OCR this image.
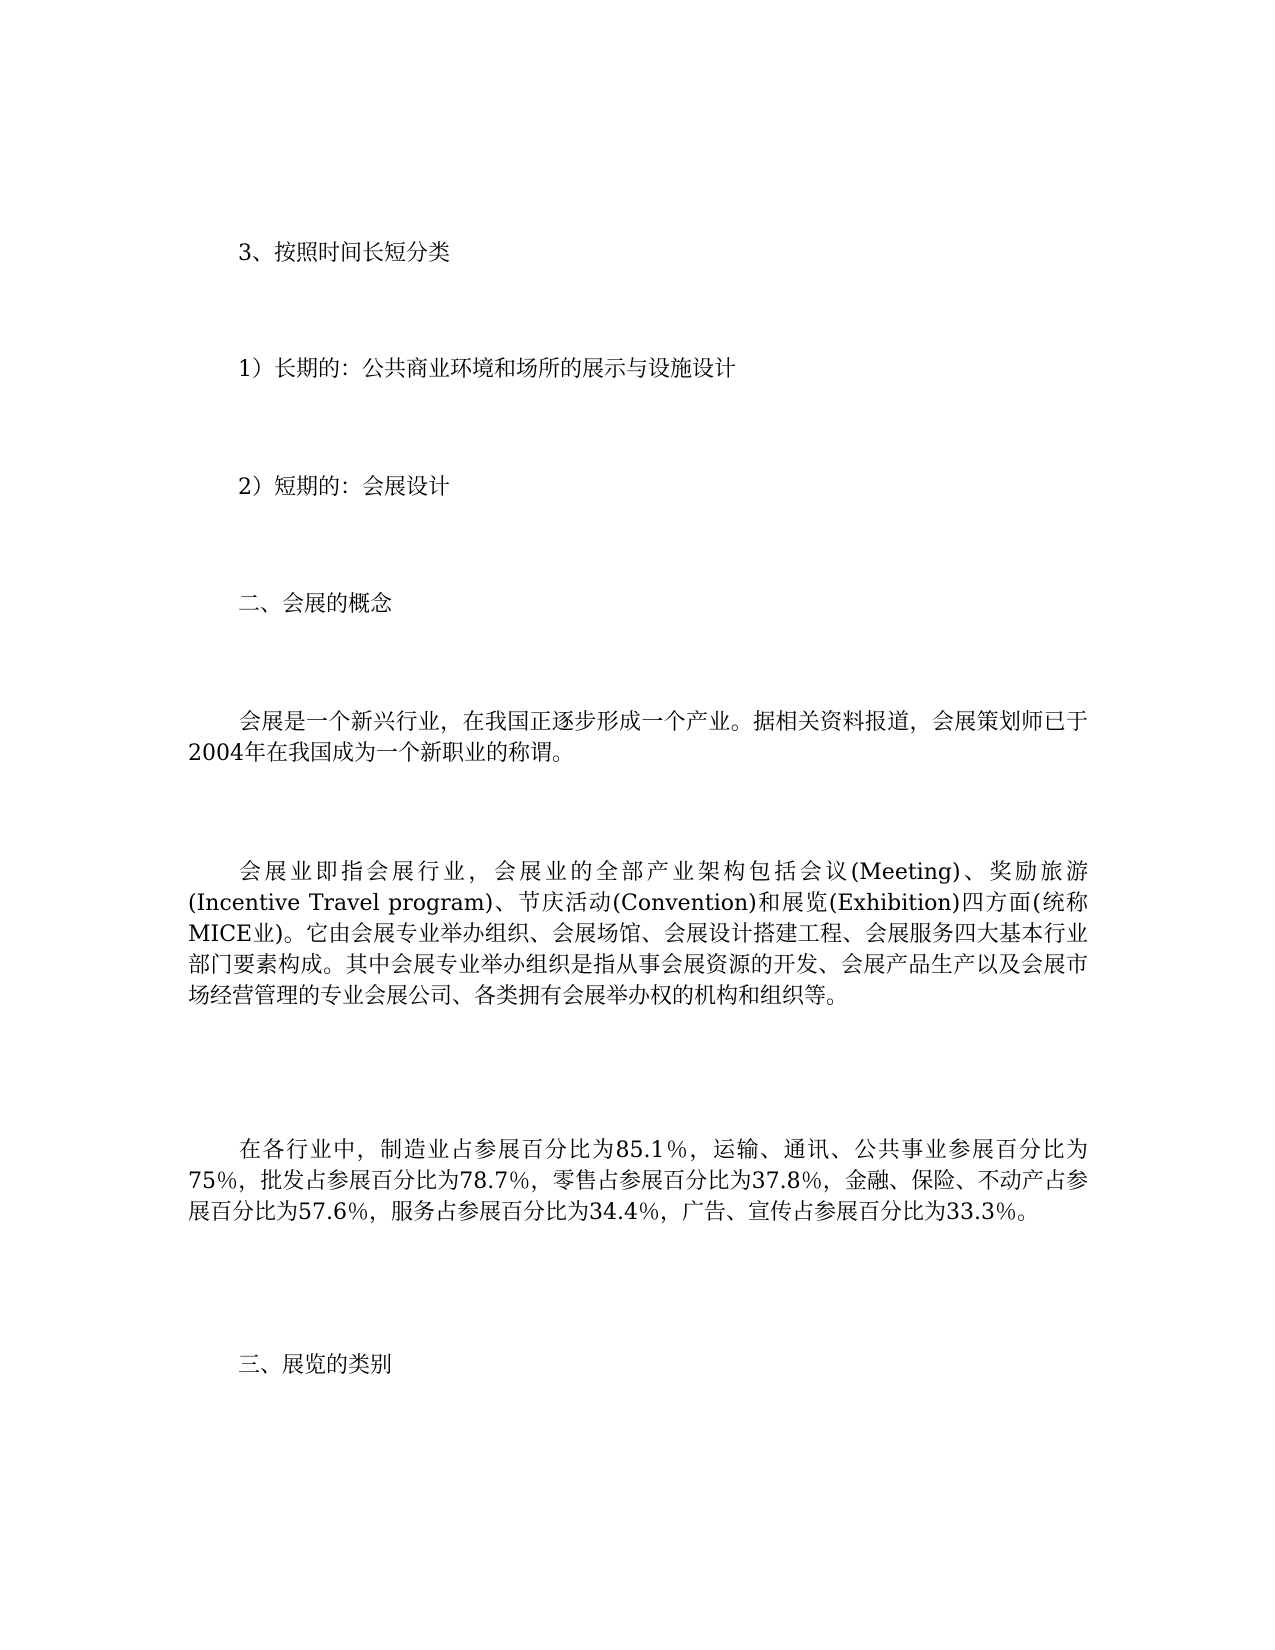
3、按照时间长短分类
1）长期的：公共商业环境和场所的展示与设施设计
2）短期的：会展设计
二、会展的概念

会展是一个新兴行业，在我国正逐步形成一个产业。据相关资料报道，会展策划师已于2004年在我国成为一个新职业的称谓。

会展业即指会展行业，会展业的全部产业架构包括会议(Meeting)、奖励旅游(Incentive Travel program)、节庆活动(Convention)和展览(Exhibition)四方面(统称MICE业)。它由会展专业举办组织、会展场馆、会展设计搭建工程、会展服务四大基本行业部门要素构成。其中会展专业举办组织是指从事会展资源的开发、会展产品生产以及会展市场经营管理的专业会展公司、各类拥有会展举办权的机构和组织等。

在各行业中，制造业占参展百分比为85.1％，运输、通讯、公共事业参展百分比为75％，批发占参展百分比为78.7％，零售占参展百分比为37.8％，金融、保险、不动产占参展百分比为57.6％，服务占参展百分比为34.4％，广告、宣传占参展百分比为33.3％。

三、展览的类别
